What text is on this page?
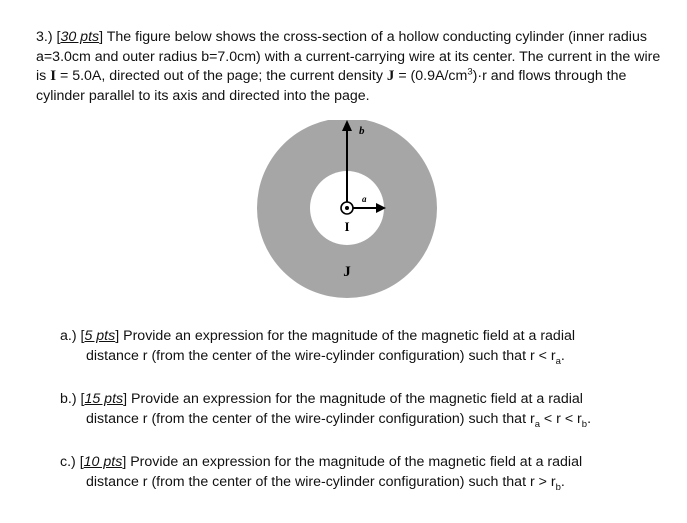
3.) [30 pts] The figure below shows the cross-section of a hollow conducting cylinder (inner radius a=3.0cm and outer radius b=7.0cm) with a current-carrying wire at its center. The current in the wire is I = 5.0A, directed out of the page; the current density $J = (0.9A/cm^3)\cdot r$ and flows through the cylinder parallel to its axis and directed into the page.
b
a
I
J
a.) [5 pts] Provide an expression for the magnitude of the magnetic field at a radial
distance r (from the center of the wire-cylinder configuration) such that $r < r_a$.
b.) [15 pts] Provide an expression for the magnitude of the magnetic field at a radial
distance r (from the center of the wire-cylinder configuration) such that $r_a < r < r_b$.
c.) [10 pts] Provide an expression for the magnitude of the magnetic field at a radial
distance r (from the center of the wire-cylinder configuration) such that $r > r_b$.
